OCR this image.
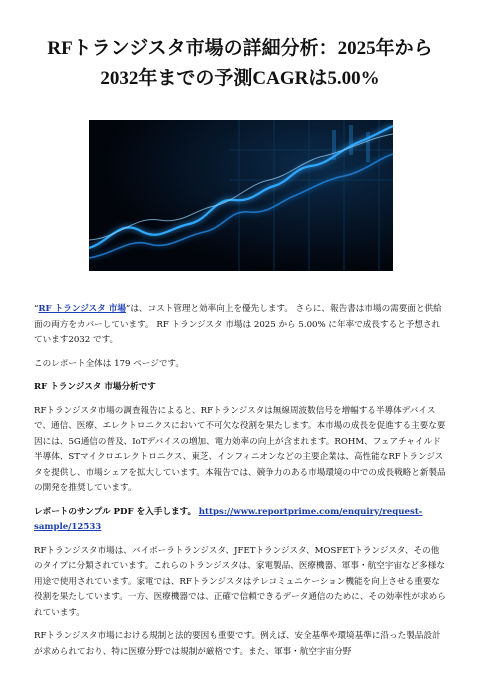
RFトランジスタ市場の詳細分析：2025年から
2032年までの予測CAGRは5.00%

“RF トランジスタ 市場”は、コスト管理と効率向上を優先します。 さらに、報告書は市場の需要面と供給面の両方をカバーしています。 RF トランジスタ 市場は 2025 から 5.00% に年率で成長すると予想されています2032 です。

このレポート全体は 179 ページです。

RF トランジスタ 市場分析です

RFトランジスタ市場の調査報告によると、RFトランジスタは無線周波数信号を増幅する半導体デバイスで、通信、医療、エレクトロニクスにおいて不可欠な役割を果たします。本市場の成長を促進する主要な要因には、5G通信の普及、IoTデバイスの増加、電力効率の向上が含まれます。ROHM、フェアチャイルド半導体、STマイクロエレクトロニクス、東芝、インフィニオンなどの主要企業は、高性能なRFトランジスタを提供し、市場シェアを拡大しています。本報告では、競争力のある市場環境の中での成長戦略と新製品の開発を推奨しています。

レポートのサンプル PDF を入手します。 https://www.reportprime.com/enquiry/request-sample/12533

RFトランジスタ市場は、バイポーラトランジスタ、JFETトランジスタ、MOSFETトランジスタ、その他のタイプに分類されています。これらのトランジスタは、家電製品、医療機器、軍事・航空宇宙など多様な用途で使用されています。家電では、RFトランジスタはテレコミュニケーション機能を向上させる重要な役割を果たしています。一方、医療機器では、正確で信頼できるデータ通信のために、その効率性が求められています。

RFトランジスタ市場における規制と法的要因も重要です。例えば、安全基準や環境基準に沿った製品設計が求められており、特に医療分野では規制が厳格です。また、軍事・航空宇宙分野
